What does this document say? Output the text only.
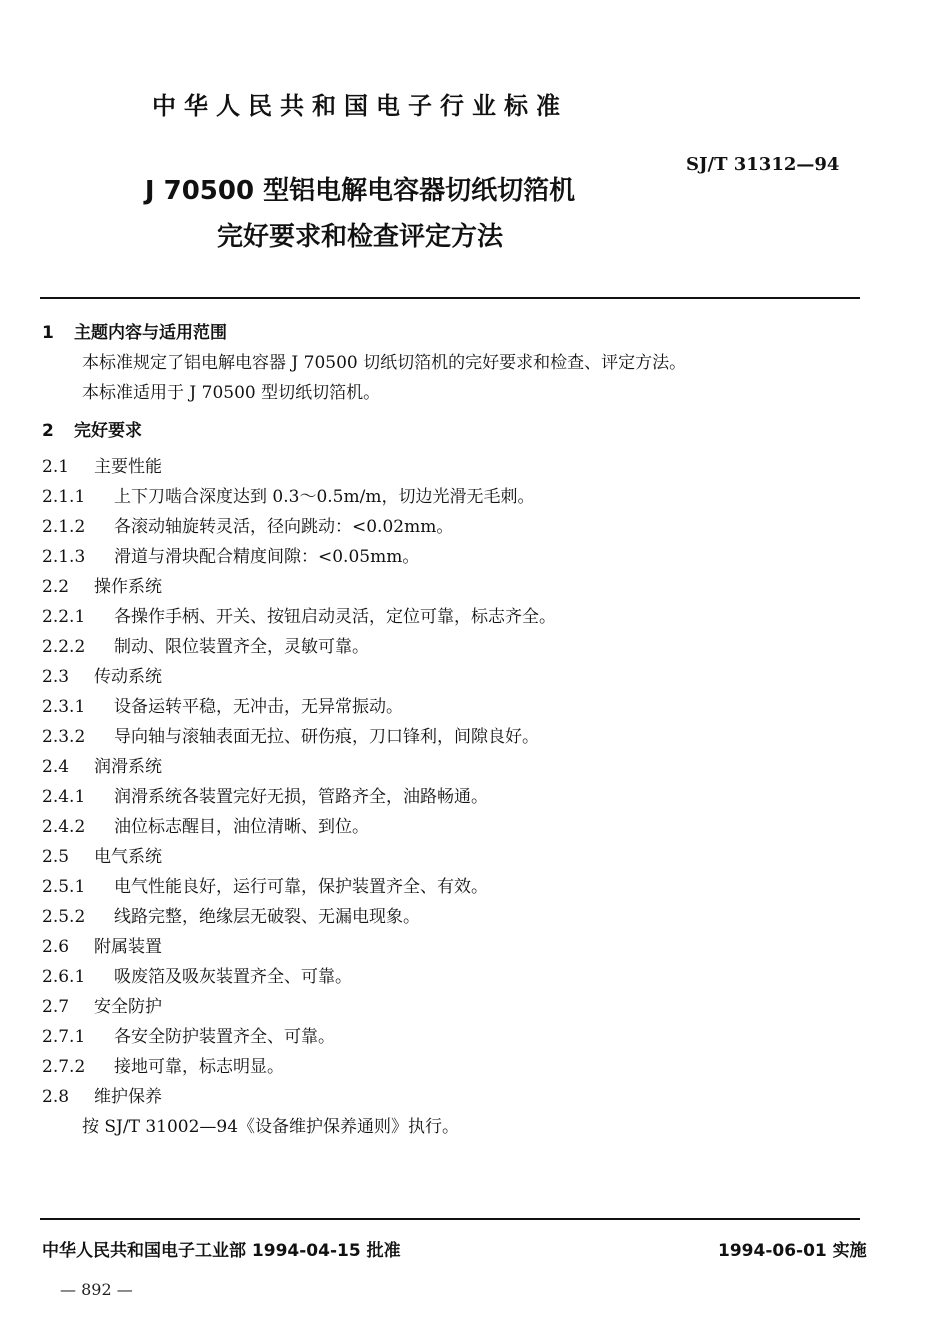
中华人民共和国电子行业标准
SJ/T 31312—94
J 70500 型铝电解电容器切纸切箔机
完好要求和检查评定方法
1 主题内容与适用范围
本标准规定了铝电解电容器 J 70500 切纸切箔机的完好要求和检查、评定方法。
本标准适用于 J 70500 型切纸切箔机。
2 完好要求
2.1 主要性能
2.1.1 上下刀啮合深度达到 0.3～0.5m/m，切边光滑无毛刺。
2.1.2 各滚动轴旋转灵活，径向跳动：<0.02mm。
2.1.3 滑道与滑块配合精度间隙：<0.05mm。
2.2 操作系统
2.2.1 各操作手柄、开关、按钮启动灵活，定位可靠，标志齐全。
2.2.2 制动、限位装置齐全，灵敏可靠。
2.3 传动系统
2.3.1 设备运转平稳，无冲击，无异常振动。
2.3.2 导向轴与滚轴表面无拉、研伤痕，刀口锋利，间隙良好。
2.4 润滑系统
2.4.1 润滑系统各装置完好无损，管路齐全，油路畅通。
2.4.2 油位标志醒目，油位清晰、到位。
2.5 电气系统
2.5.1 电气性能良好，运行可靠，保护装置齐全、有效。
2.5.2 线路完整，绝缘层无破裂、无漏电现象。
2.6 附属装置
2.6.1 吸废箔及吸灰装置齐全、可靠。
2.7 安全防护
2.7.1 各安全防护装置齐全、可靠。
2.7.2 接地可靠，标志明显。
2.8 维护保养
按 SJ/T 31002—94《设备维护保养通则》执行。
中华人民共和国电子工业部 1994-04-15 批准	1994-06-01 实施
— 892 —
